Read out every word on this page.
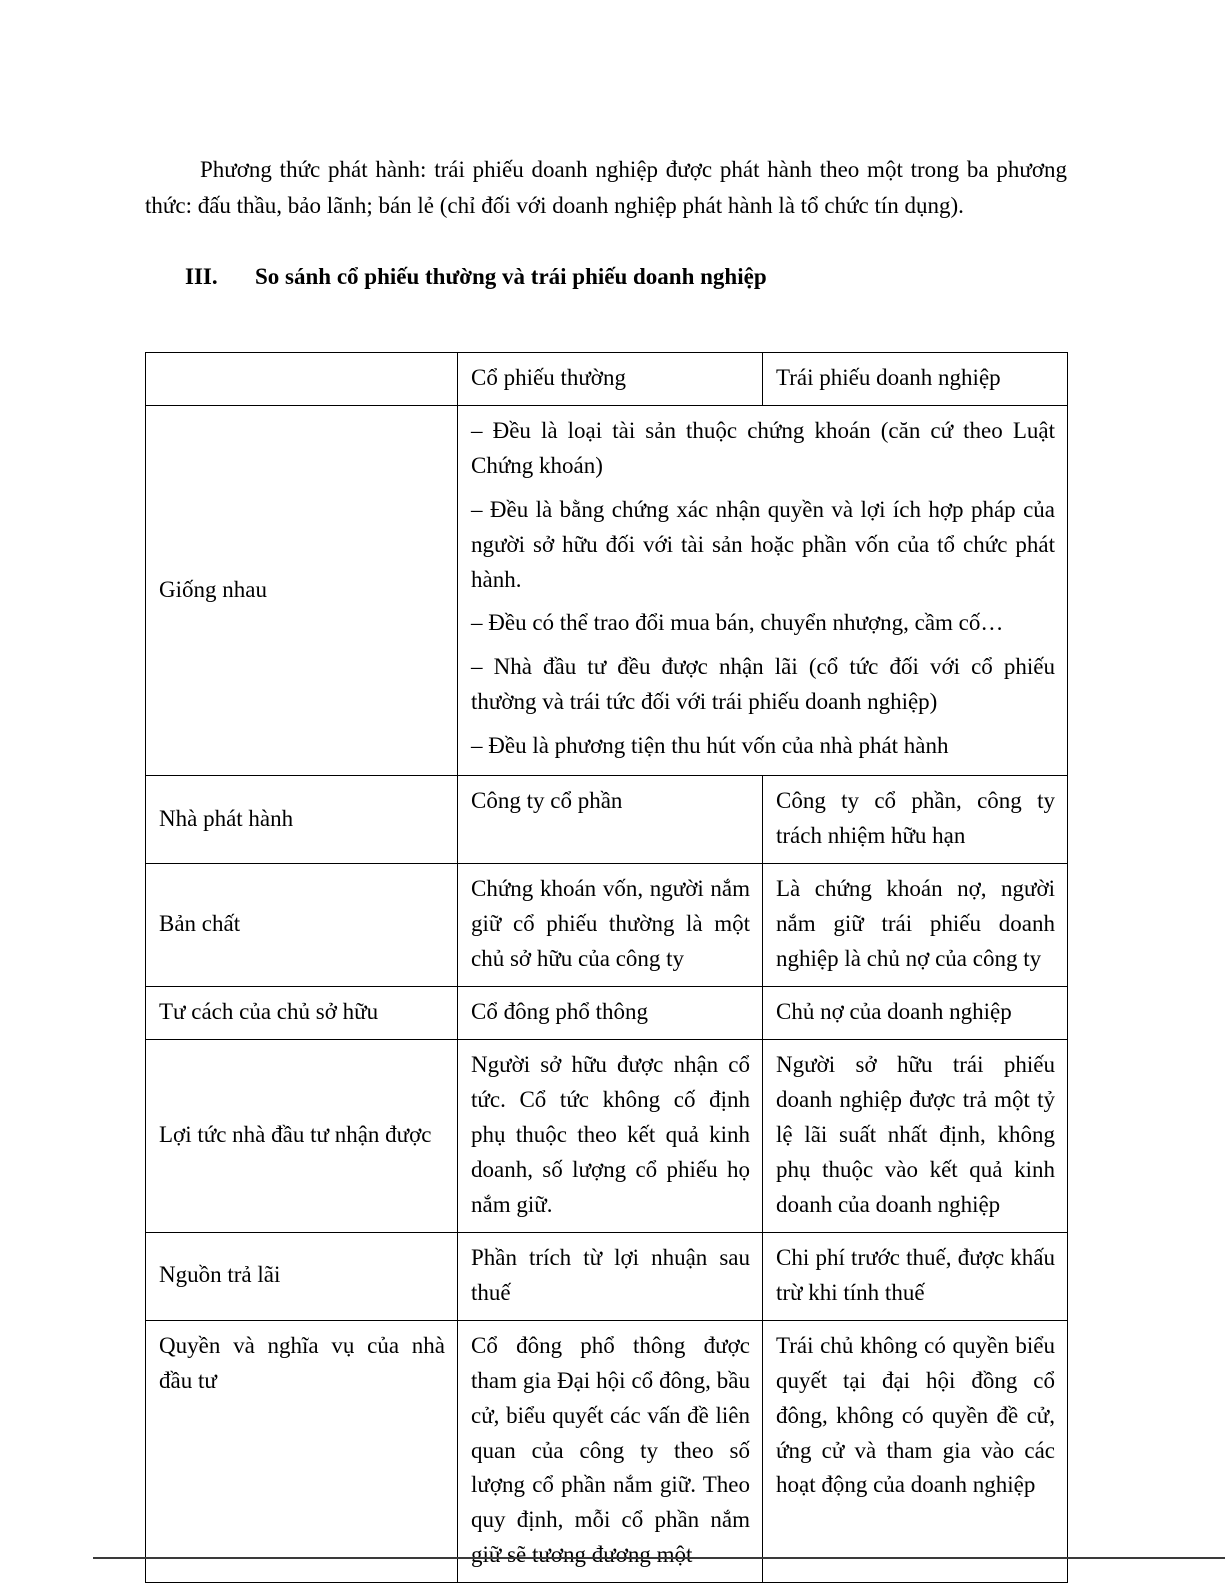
Phương thức phát hành: trái phiếu doanh nghiệp được phát hành theo một trong ba phương thức: đấu thầu, bảo lãnh; bán lẻ (chỉ đối với doanh nghiệp phát hành là tổ chức tín dụng).

III.	So sánh cổ phiếu thường và trái phiếu doanh nghiệp
	Cổ phiếu thường	Trái phiếu doanh nghiệp
Giống nhau	– Đều là loại tài sản thuộc chứng khoán (căn cứ theo Luật Chứng khoán)

– Đều là bằng chứng xác nhận quyền và lợi ích hợp pháp của người sở hữu đối với tài sản hoặc phần vốn của tổ chức phát hành.

– Đều có thể trao đổi mua bán, chuyển nhượng, cầm cố…

– Nhà đầu tư đều được nhận lãi (cổ tức đối với cổ phiếu thường và trái tức đối với trái phiếu doanh nghiệp)

– Đều là phương tiện thu hút vốn của nhà phát hành	

Nhà phát hành	Công ty cổ phần	Công ty cổ phần, công ty trách nhiệm hữu hạn
Bản chất	Chứng khoán vốn, người nắm giữ cổ phiếu thường là một chủ sở hữu của công ty	Là chứng khoán nợ, người nắm giữ trái phiếu doanh nghiệp là chủ nợ của công ty
Tư cách của chủ sở hữu	Cổ đông phổ thông	Chủ nợ của doanh nghiệp
Lợi tức nhà đầu tư nhận được	Người sở hữu được nhận cổ tức. Cổ tức không cố định phụ thuộc theo kết quả kinh doanh, số lượng cổ phiếu họ nắm giữ.	Người sở hữu trái phiếu doanh nghiệp được trả một tỷ lệ lãi suất nhất định, không phụ thuộc vào kết quả kinh doanh của doanh nghiệp
Nguồn trả lãi	Phần trích từ lợi nhuận sau thuế	Chi phí trước thuế, được khấu trừ khi tính thuế
Quyền và nghĩa vụ của nhà đầu tư	Cổ đông phổ thông được tham gia Đại hội cổ đông, bầu cử, biểu quyết các vấn đề liên quan của công ty theo số lượng cổ phần nắm giữ. Theo quy định, mỗi cổ phần nắm giữ sẽ tương đương một	Trái chủ không có quyền biểu quyết tại đại hội đồng cổ đông, không có quyền đề cử, ứng cử và tham gia vào các hoạt động của doanh nghiệp
